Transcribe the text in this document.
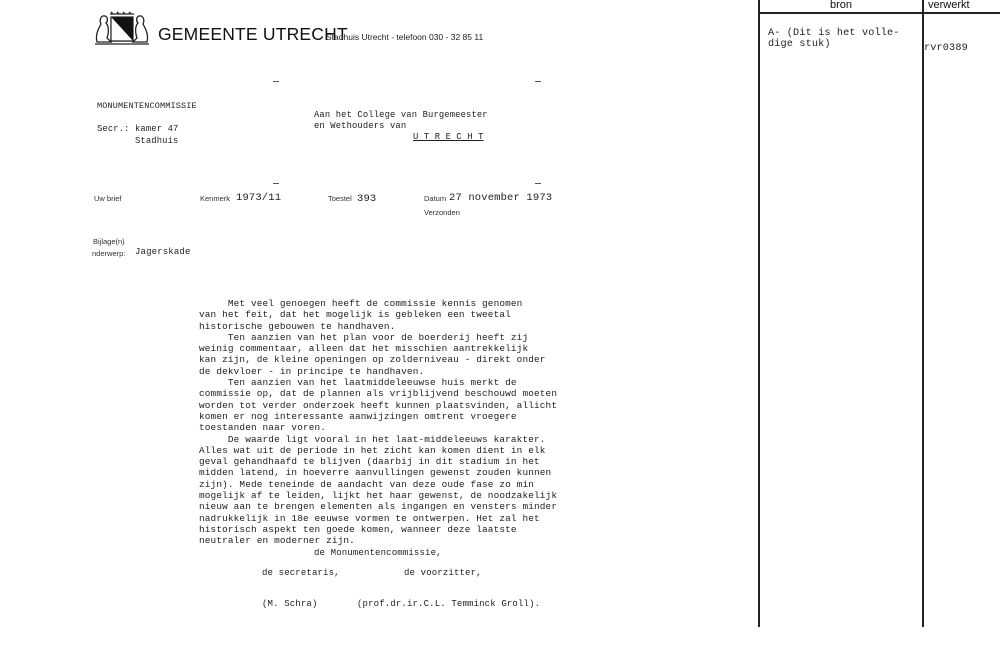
GEMEENTE UTRECHT
Stadhuis Utrecht - telefoon 030 - 32 85 11
MONUMENTENCOMMISSIE
Secr.: kamer 47
Stadhuis
Aan het College van Burgemeester
en Wethouders van
U T R E C H T
Uw brief	Kenmerk 1973/11	Toestel 393	Datum 27 november 1973
Verzonden
Bijlage(n)
nderwerp: Jagerskade
Met veel genoegen heeft de commissie kennis genomen
van het feit, dat het mogelijk is gebleken een tweetal
historische gebouwen te handhaven.
Ten aanzien van het plan voor de boerderij heeft zij
weinig commentaar, alleen dat het misschien aantrekkelijk
kan zijn, de kleine openingen op zolderniveau - direkt onder
de dekvloer - in principe te handhaven.
Ten aanzien van het laatmiddeleeuwse huis merkt de
commissie op, dat de plannen als vrijblijvend beschouwd moeten
worden tot verder onderzoek heeft kunnen plaatsvinden, allicht
komen er nog interessante aanwijzingen omtrent vroegere
toestanden naar voren.
De waarde ligt vooral in het laat-middeleeuws karakter.
Alles wat uit de periode in het zicht kan komen dient in elk
geval gehandhaafd te blijven (daarbij in dit stadium in het
midden latend, in hoeverre aanvullingen gewenst zouden kunnen
zijn). Mede teneinde de aandacht van deze oude fase zo min
mogelijk af te leiden, lijkt het haar gewenst, de noodzakelijk
nieuw aan te brengen elementen als ingangen en vensters minder
nadrukkelijk in 18e eeuwse vormen te ontwerpen. Het zal het
historisch aspekt ten goede komen, wanneer deze laatste
neutraler en moderner zijn.
de Monumentencommissie,
de secretaris,	de voorzitter,
(M. Schra)	(prof.dr.ir.C.L. Temminck Groll).
bron	verwerkt
A- (Dit is het volle-
dige stuk)	rvr0389
